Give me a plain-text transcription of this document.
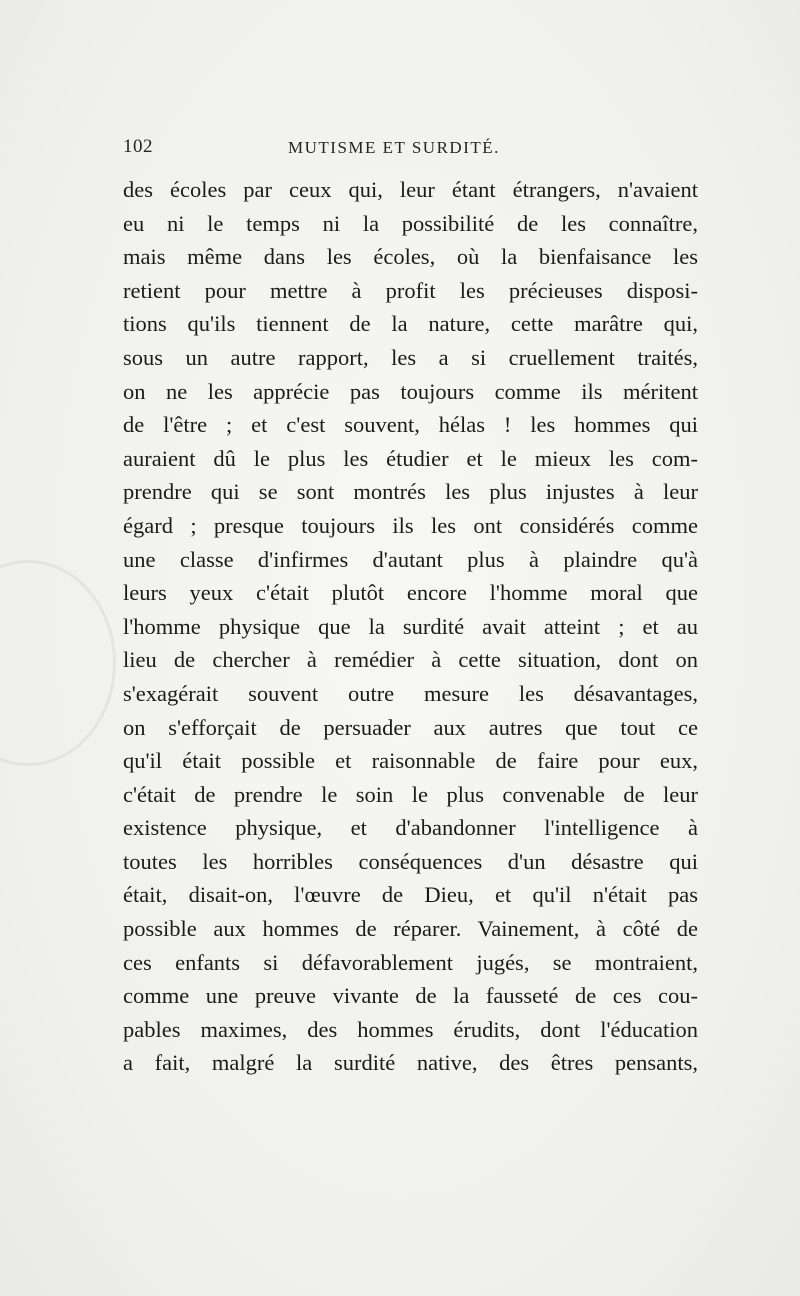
102	MUTISME ET SURDITÉ.
des écoles par ceux qui, leur étant étrangers, n'avaient
eu ni le temps ni la possibilité de les connaître,
mais même dans les écoles, où la bienfaisance les
retient pour mettre à profit les précieuses disposi-
tions qu'ils tiennent de la nature, cette marâtre qui,
sous un autre rapport, les a si cruellement traités,
on ne les apprécie pas toujours comme ils méritent
de l'être ; et c'est souvent, hélas ! les hommes qui
auraient dû le plus les étudier et le mieux les com-
prendre qui se sont montrés les plus injustes à leur
égard ; presque toujours ils les ont considérés comme
une classe d'infirmes d'autant plus à plaindre qu'à
leurs yeux c'était plutôt encore l'homme moral que
l'homme physique que la surdité avait atteint ; et au
lieu de chercher à remédier à cette situation, dont on
s'exagérait souvent outre mesure les désavantages,
on s'efforçait de persuader aux autres que tout ce
qu'il était possible et raisonnable de faire pour eux,
c'était de prendre le soin le plus convenable de leur
existence physique, et d'abandonner l'intelligence à
toutes les horribles conséquences d'un désastre qui
était, disait-on, l'œuvre de Dieu, et qu'il n'était pas
possible aux hommes de réparer. Vainement, à côté de
ces enfants si défavorablement jugés, se montraient,
comme une preuve vivante de la fausseté de ces cou-
pables maximes, des hommes érudits, dont l'éducation
a fait, malgré la surdité native, des êtres pensants,
